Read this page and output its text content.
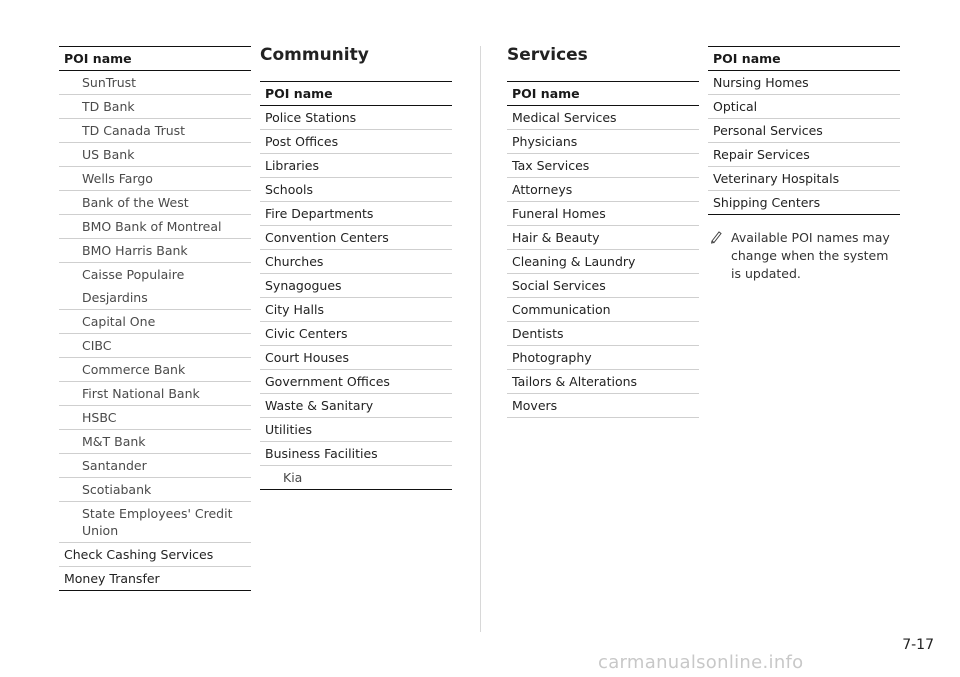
POI name
SunTrust
TD Bank
TD Canada Trust
US Bank
Wells Fargo
Bank of the West
BMO Bank of Montreal
BMO Harris Bank
Caisse Populaire Desjardins
Capital One
CIBC
Commerce Bank
First National Bank
HSBC
M&T Bank
Santander
Scotiabank
State Employees' Credit Union
Check Cashing Services
Money Transfer
Community
POI name
Police Stations
Post Offices
Libraries
Schools
Fire Departments
Convention Centers
Churches
Synagogues
City Halls
Civic Centers
Court Houses
Government Offices
Waste & Sanitary
Utilities
Business Facilities
Kia
Services
POI name
Medical Services
Physicians
Tax Services
Attorneys
Funeral Homes
Hair & Beauty
Cleaning & Laundry
Social Services
Communication
Dentists
Photography
Tailors & Alterations
Movers
POI name
Nursing Homes
Optical
Personal Services
Repair Services
Veterinary Hospitals
Shipping Centers
Available POI names may change when the system is updated.
7-17
carmanualsonline.info
